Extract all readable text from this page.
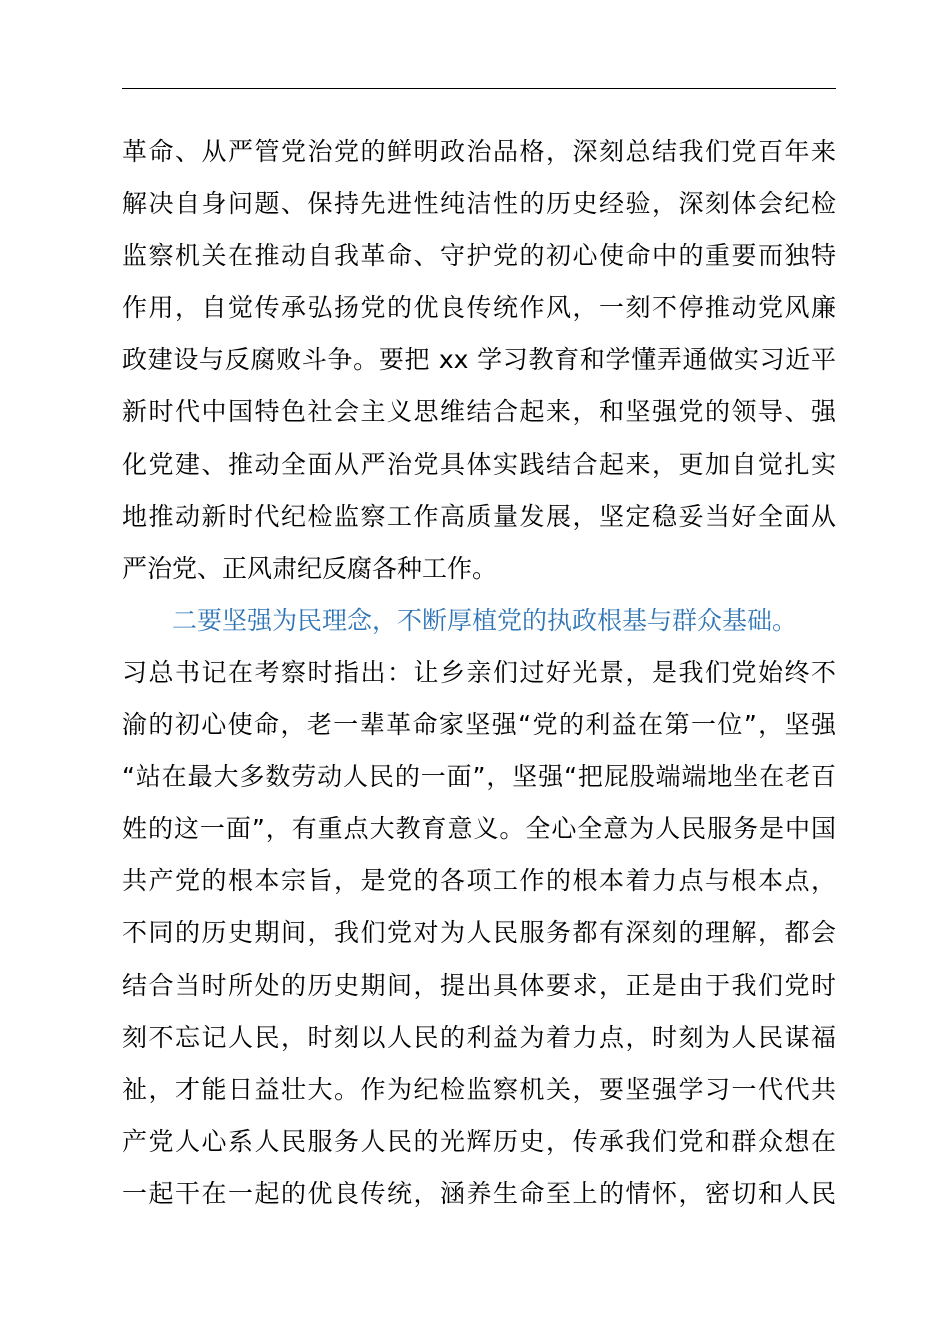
革命、从严管党治党的鲜明政治品格，深刻总结我们党百年来
解决自身问题、保持先进性纯洁性的历史经验，深刻体会纪检
监察机关在推动自我革命、守护党的初心使命中的重要而独特
作用，自觉传承弘扬党的优良传统作风，一刻不停推动党风廉
政建设与反腐败斗争。要把 xx 学习教育和学懂弄通做实习近平
新时代中国特色社会主义思维结合起来，和坚强党的领导、强
化党建、推动全面从严治党具体实践结合起来，更加自觉扎实
地推动新时代纪检监察工作高质量发展，坚定稳妥当好全面从
严治党、正风肃纪反腐各种工作。
二要坚强为民理念，不断厚植党的执政根基与群众基础。
习总书记在考察时指出：让乡亲们过好光景，是我们党始终不
渝的初心使命，老一辈革命家坚强“党的利益在第一位”，坚强
“站在最大多数劳动人民的一面”，坚强“把屁股端端地坐在老百
姓的这一面”，有重点大教育意义。全心全意为人民服务是中国
共产党的根本宗旨，是党的各项工作的根本着力点与根本点，
不同的历史期间，我们党对为人民服务都有深刻的理解，都会
结合当时所处的历史期间，提出具体要求，正是由于我们党时
刻不忘记人民，时刻以人民的利益为着力点，时刻为人民谋福
祉，才能日益壮大。作为纪检监察机关，要坚强学习一代代共
产党人心系人民服务人民的光辉历史，传承我们党和群众想在
一起干在一起的优良传统，涵养生命至上的情怀，密切和人民
